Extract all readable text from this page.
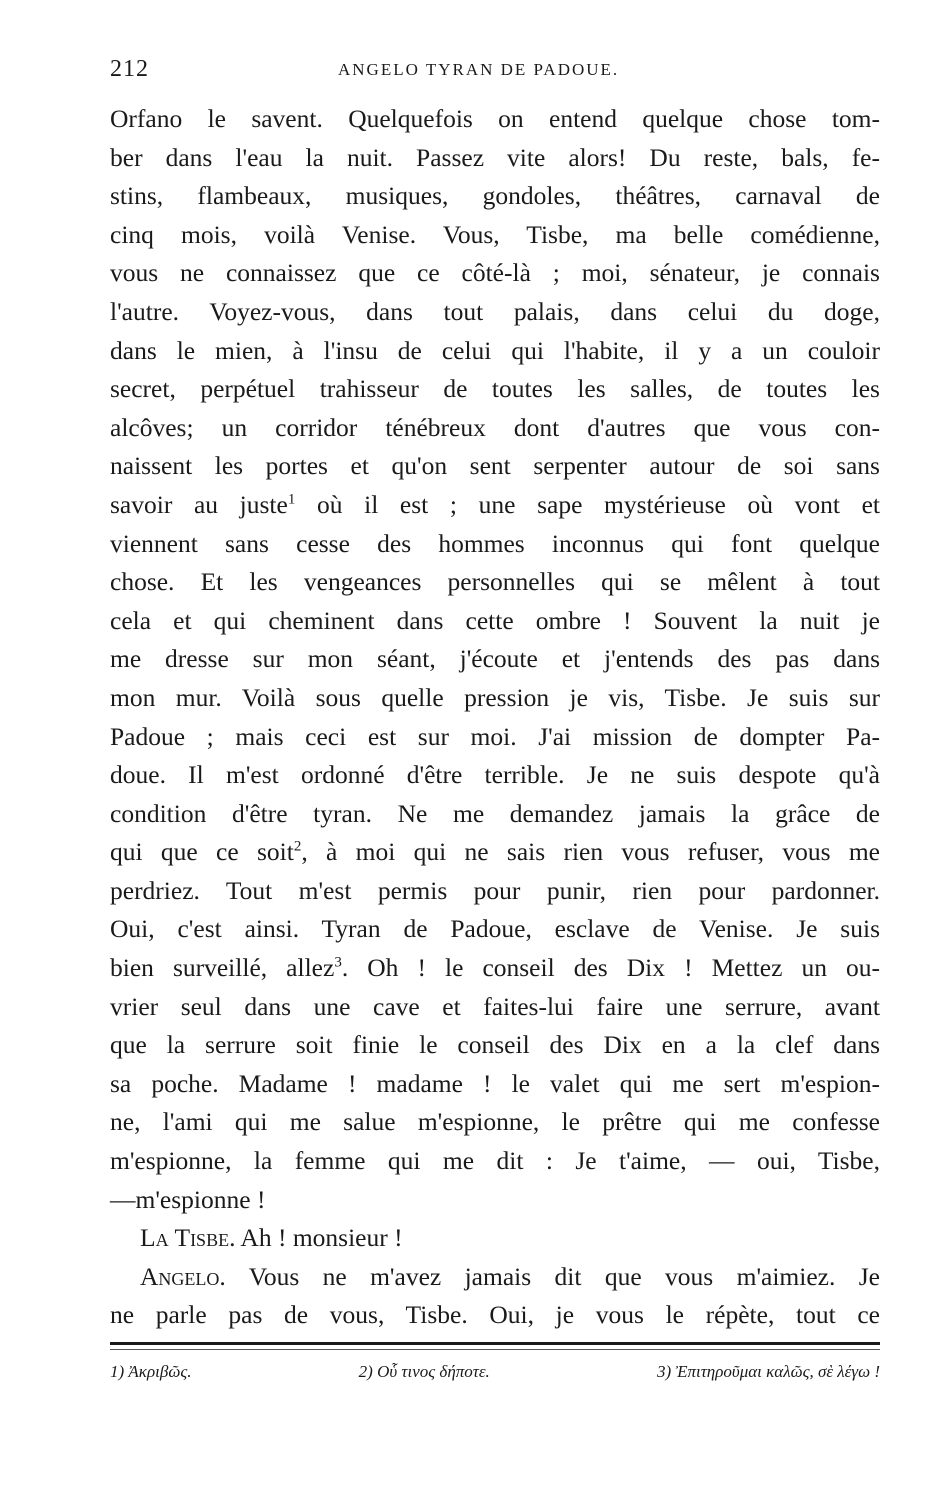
212	ANGELO TYRAN DE PADOUE.
Orfano le savent. Quelquefois on entend quelque chose tom-
ber dans l'eau la nuit. Passez vite alors! Du reste, bals, fe-
stins, flambeaux, musiques, gondoles, théâtres, carnaval de
cinq mois, voilà Venise. Vous, Tisbe, ma belle comédienne,
vous ne connaissez que ce côté-là ; moi, sénateur, je connais
l'autre. Voyez-vous, dans tout palais, dans celui du doge,
dans le mien, à l'insu de celui qui l'habite, il y a un couloir
secret, perpétuel trahisseur de toutes les salles, de toutes les
alcôves; un corridor ténébreux dont d'autres que vous con-
naissent les portes et qu'on sent serpenter autour de soi sans
savoir au juste$^1$ où il est ; une sape mystérieuse où vont et
viennent sans cesse des hommes inconnus qui font quelque
chose. Et les vengeances personnelles qui se mêlent à tout
cela et qui cheminent dans cette ombre ! Souvent la nuit je
me dresse sur mon séant, j'écoute et j'entends des pas dans
mon mur. Voilà sous quelle pression je vis, Tisbe. Je suis sur
Padoue ; mais ceci est sur moi. J'ai mission de dompter Pa-
doue. Il m'est ordonné d'être terrible. Je ne suis despote qu'à
condition d'être tyran. Ne me demandez jamais la grâce de
qui que ce soit$^2$, à moi qui ne sais rien vous refuser, vous me
perdriez. Tout m'est permis pour punir, rien pour pardonner.
Oui, c'est ainsi. Tyran de Padoue, esclave de Venise. Je suis
bien surveillé, allez$^3$. Oh ! le conseil des Dix ! Mettez un ou-
vrier seul dans une cave et faites-lui faire une serrure, avant
que la serrure soit finie le conseil des Dix en a la clef dans
sa poche. Madame ! madame ! le valet qui me sert m'espion-
ne, l'ami qui me salue m'espionne, le prêtre qui me confesse
m'espionne, la femme qui me dit : Je t'aime, — oui, Tisbe,
—m'espionne !
La Tisbe. Ah ! monsieur !
Angelo. Vous ne m'avez jamais dit que vous m'aimiez. Je
ne parle pas de vous, Tisbe. Oui, je vous le répète, tout ce
1) Ἀκριβῶς.	2) Οὗ τινος δήποτε.	3) Ἐπιτηροῦμαι καλῶς, σὲ λέγω !
